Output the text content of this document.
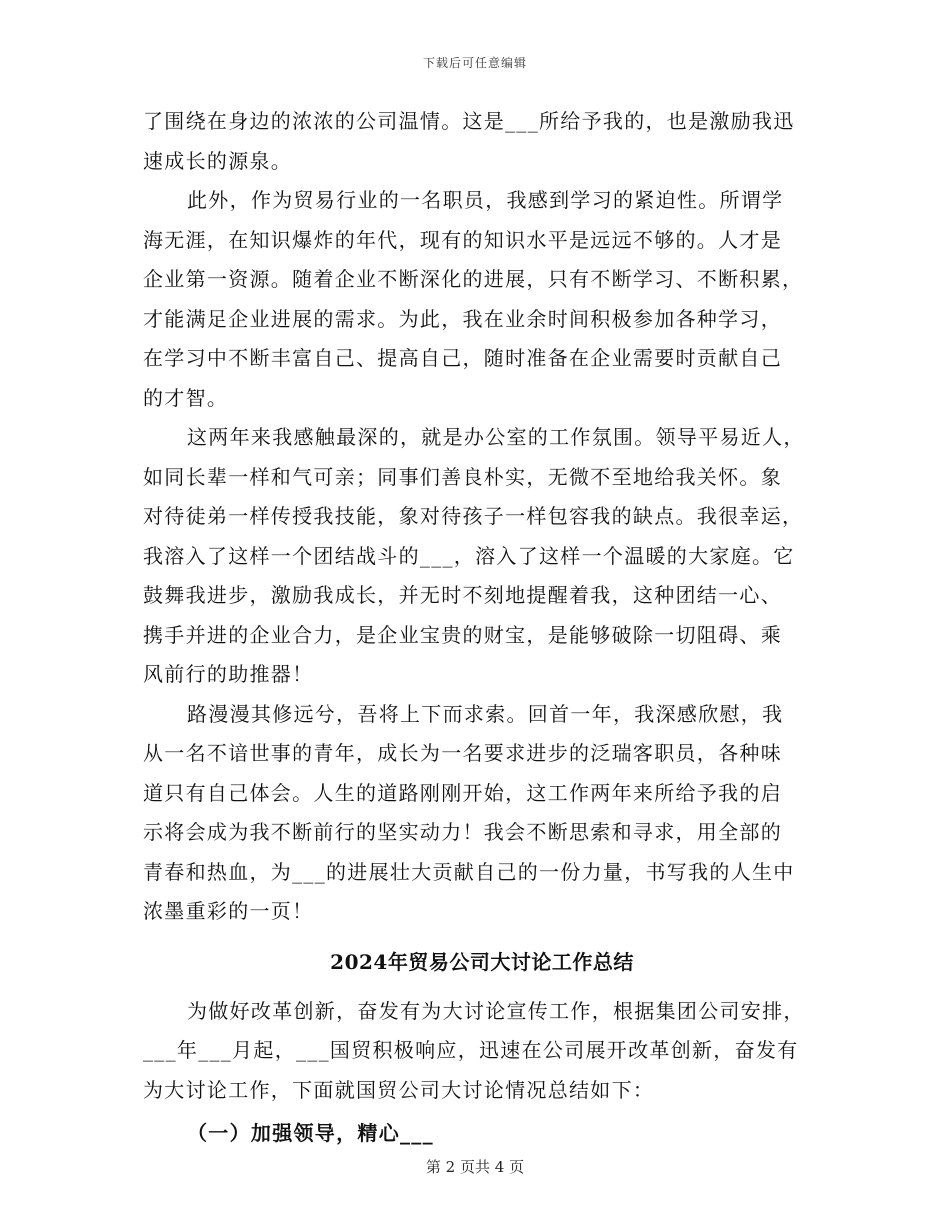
下载后可任意编辑
了围绕在身边的浓浓的公司温情。这是___所给予我的，也是激励我迅
速成长的源泉。
此外，作为贸易行业的一名职员，我感到学习的紧迫性。所谓学
海无涯，在知识爆炸的年代，现有的知识水平是远远不够的。人才是
企业第一资源。随着企业不断深化的进展，只有不断学习、不断积累，
才能满足企业进展的需求。为此，我在业余时间积极参加各种学习，
在学习中不断丰富自己、提高自己，随时准备在企业需要时贡献自己
的才智。
这两年来我感触最深的，就是办公室的工作氛围。领导平易近人，
如同长辈一样和气可亲；同事们善良朴实，无微不至地给我关怀。象
对待徒弟一样传授我技能，象对待孩子一样包容我的缺点。我很幸运，
我溶入了这样一个团结战斗的___，溶入了这样一个温暖的大家庭。它
鼓舞我进步，激励我成长，并无时不刻地提醒着我，这种团结一心、
携手并进的企业合力，是企业宝贵的财宝，是能够破除一切阻碍、乘
风前行的助推器！
路漫漫其修远兮，吾将上下而求索。回首一年，我深感欣慰，我
从一名不谙世事的青年，成长为一名要求进步的泛瑞客职员，各种味
道只有自己体会。人生的道路刚刚开始，这工作两年来所给予我的启
示将会成为我不断前行的坚实动力！我会不断思索和寻求，用全部的
青春和热血，为___的进展壮大贡献自己的一份力量，书写我的人生中
浓墨重彩的一页！
2024年贸易公司大讨论工作总结
为做好改革创新，奋发有为大讨论宣传工作，根据集团公司安排，
___年___月起，___国贸积极响应，迅速在公司展开改革创新，奋发有
为大讨论工作，下面就国贸公司大讨论情况总结如下：
（一）加强领导，精心___
第 2 页共 4 页
